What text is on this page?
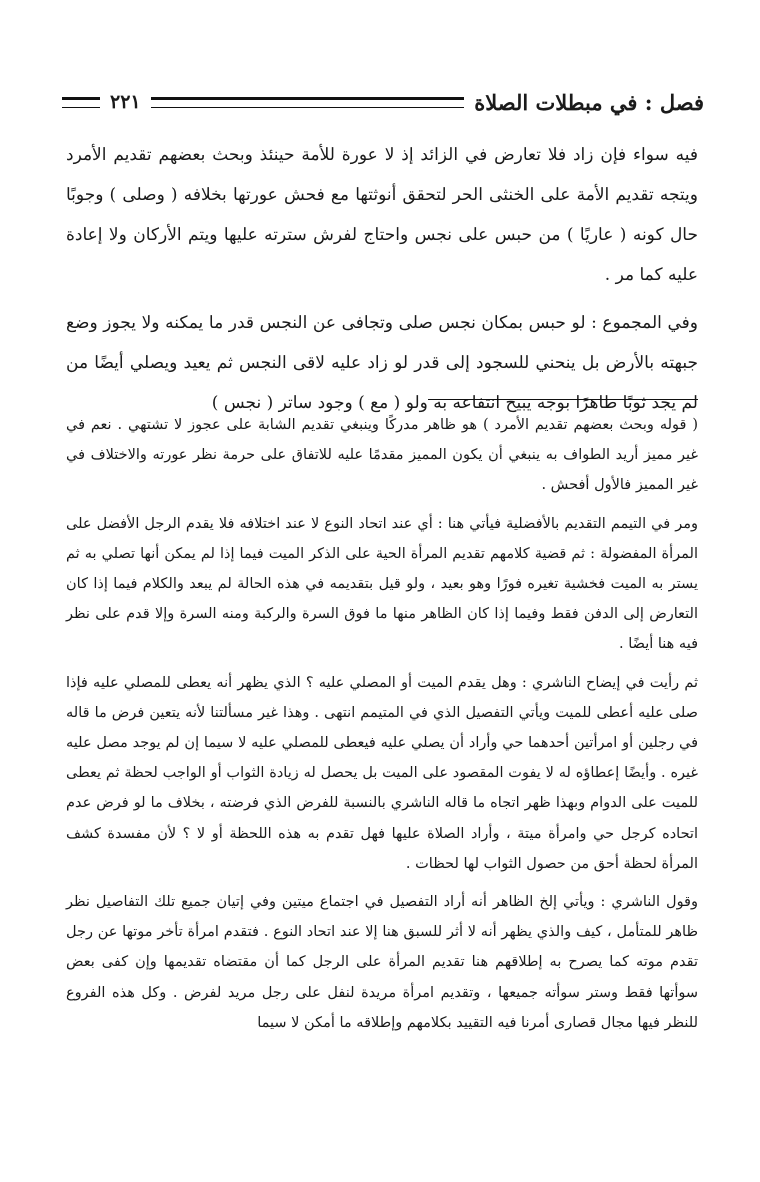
فصل : في مبطلات الصلاة
٢٢١

فيه سواء فإن زاد فلا تعارض في الزائد إذ لا عورة للأمة حينئذ وبحث بعضهم تقديم الأمرد ويتجه تقديم الأمة على الخنثى الحر لتحقق أنوثتها مع فحش عورتها بخلافه ( وصلى ) وجوبًا حال كونه ( عاريًا ) من حبس على نجس واحتاج لفرش سترته عليها ويتم الأركان ولا إعادة عليه كما مر .

وفي المجموع : لو حبس بمكان نجس صلى وتجافى عن النجس قدر ما يمكنه ولا يجوز وضع جبهته بالأرض بل ينحني للسجود إلى قدر لو زاد عليه لاقى النجس ثم يعيد ويصلي أيضًا من لم يجد ثوبًا طاهرًا بوجه يبيح انتفاعه به ولو ( مع ) وجود ساتر ( نجس )

( قوله وبحث بعضهم تقديم الأمرد ) هو ظاهر مدركًا وينبغي تقديم الشابة على عجوز لا تشتهي . نعم في غير مميز أريد الطواف به ينبغي أن يكون المميز مقدمًا عليه للاتفاق على حرمة نظر عورته والاختلاف في غير المميز فالأول أفحش .

ومر في التيمم التقديم بالأفضلية فيأتي هنا : أي عند اتحاد النوع لا عند اختلافه فلا يقدم الرجل الأفضل على المرأة المفضولة : ثم قضية كلامهم تقديم المرأة الحية على الذكر الميت فيما إذا لم يمكن أنها تصلي به ثم يستر به الميت فخشية تغيره فورًا وهو بعيد ، ولو قيل بتقديمه في هذه الحالة لم يبعد والكلام فيما إذا كان التعارض إلى الدفن فقط وفيما إذا كان الظاهر منها ما فوق السرة والركبة ومنه السرة وإلا قدم على نظر فيه هنا أيضًا .

ثم رأيت في إيضاح الناشري : وهل يقدم الميت أو المصلي عليه ؟ الذي يظهر أنه يعطى للمصلي عليه فإذا صلى عليه أعطى للميت ويأتي التفصيل الذي في المتيمم انتهى . وهذا غير مسألتنا لأنه يتعين فرض ما قاله في رجلين أو امرأتين أحدهما حي وأراد أن يصلي عليه فيعطى للمصلي عليه لا سيما إن لم يوجد مصل عليه غيره . وأيضًا إعطاؤه له لا يفوت المقصود على الميت بل يحصل له زيادة الثواب أو الواجب لحظة ثم يعطى للميت على الدوام وبهذا ظهر اتجاه ما قاله الناشري بالنسبة للفرض الذي فرضته ، بخلاف ما لو فرض عدم اتحاده كرجل حي وامرأة ميتة ، وأراد الصلاة عليها فهل تقدم به هذه اللحظة أو لا ؟ لأن مفسدة كشف المرأة لحظة أحق من حصول الثواب لها لحظات .

وقول الناشري : ويأتي إلخ الظاهر أنه أراد التفصيل في اجتماع ميتين وفي إتيان جميع تلك التفاصيل نظر ظاهر للمتأمل ، كيف والذي يظهر أنه لا أثر للسبق هنا إلا عند اتحاد النوع . فتقدم امرأة تأخر موتها عن رجل تقدم موته كما يصرح به إطلاقهم هنا تقديم المرأة على الرجل كما أن مقتضاه تقديمها وإن كفى بعض سوأتها فقط وستر سوأته جميعها ، وتقديم امرأة مريدة لنفل على رجل مريد لفرض . وكل هذه الفروع للنظر فيها مجال قصارى أمرنا فيه التقييد بكلامهم وإطلاقه ما أمكن لا سيما
